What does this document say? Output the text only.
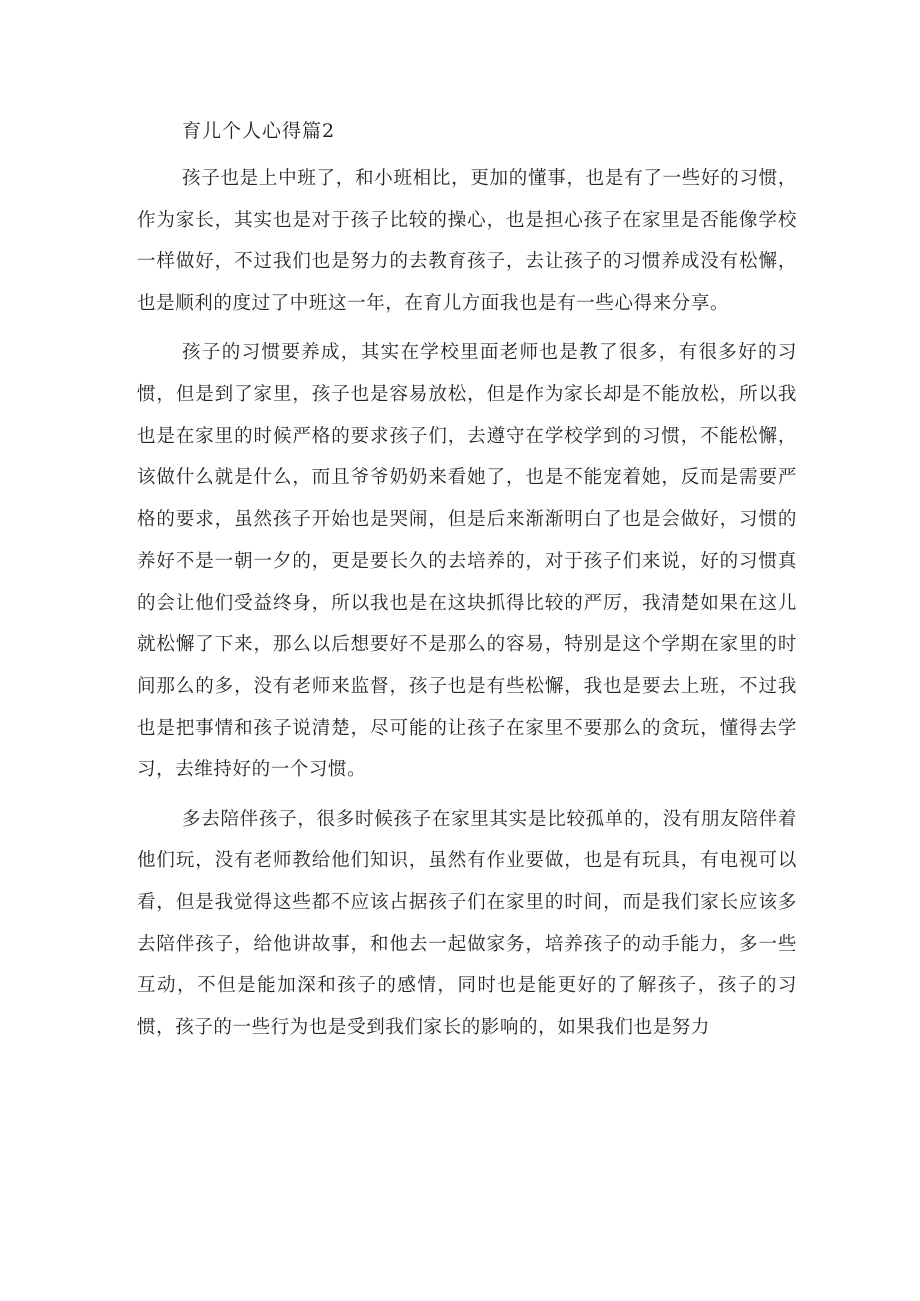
育儿个人心得篇2

孩子也是上中班了，和小班相比，更加的懂事，也是有了一些好的习惯，作为家长，其实也是对于孩子比较的操心，也是担心孩子在家里是否能像学校一样做好，不过我们也是努力的去教育孩子，去让孩子的习惯养成没有松懈，也是顺利的度过了中班这一年，在育儿方面我也是有一些心得来分享。

孩子的习惯要养成，其实在学校里面老师也是教了很多，有很多好的习惯，但是到了家里，孩子也是容易放松，但是作为家长却是不能放松，所以我也是在家里的时候严格的要求孩子们，去遵守在学校学到的习惯，不能松懈，该做什么就是什么，而且爷爷奶奶来看她了，也是不能宠着她，反而是需要严格的要求，虽然孩子开始也是哭闹，但是后来渐渐明白了也是会做好，习惯的养好不是一朝一夕的，更是要长久的去培养的，对于孩子们来说，好的习惯真的会让他们受益终身，所以我也是在这块抓得比较的严厉，我清楚如果在这儿就松懈了下来，那么以后想要好不是那么的容易，特别是这个学期在家里的时间那么的多，没有老师来监督，孩子也是有些松懈，我也是要去上班，不过我也是把事情和孩子说清楚，尽可能的让孩子在家里不要那么的贪玩，懂得去学习，去维持好的一个习惯。

多去陪伴孩子，很多时候孩子在家里其实是比较孤单的，没有朋友陪伴着他们玩，没有老师教给他们知识，虽然有作业要做，也是有玩具，有电视可以看，但是我觉得这些都不应该占据孩子们在家里的时间，而是我们家长应该多去陪伴孩子，给他讲故事，和他去一起做家务，培养孩子的动手能力，多一些互动，不但是能加深和孩子的感情，同时也是能更好的了解孩子，孩子的习惯，孩子的一些行为也是受到我们家长的影响的，如果我们也是努力
